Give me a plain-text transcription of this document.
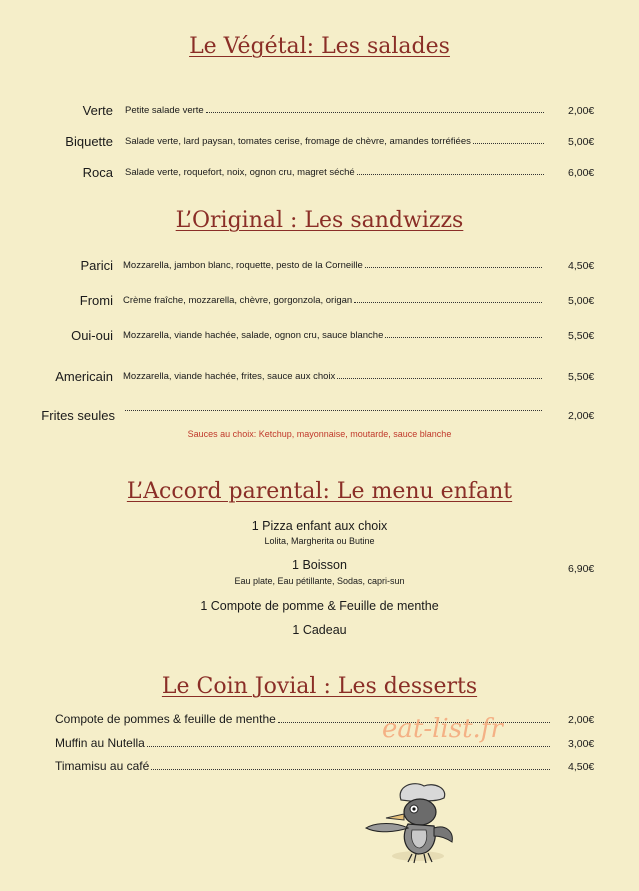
Le Végétal: Les salades
Verte Petite salade verte	2,00€
Biquette Salade verte, lard paysan, tomates cerise, fromage de chèvre, amandes torréfiées	5,00€
Roca Salade verte, roquefort, noix, ognon cru, magret séché	6,00€
L’Original : Les sandwizzs
Parici Mozzarella, jambon blanc, roquette, pesto de la Corneille	4,50€
Fromi Crème fraîche, mozzarella, chèvre, gorgonzola, origan	5,00€
Oui-oui Mozzarella, viande hachée, salade, ognon cru, sauce blanche	5,50€
Americain Mozzarella, viande hachée, frites, sauce aux choix	5,50€
Frites seules	2,00€
Sauces au choix: Ketchup, mayonnaise, moutarde, sauce blanche
L’Accord parental: Le menu enfant
1 Pizza enfant aux choix
Lolita, Margherita ou Butine
1 Boisson
Eau plate, Eau pétillante, Sodas, capri-sun
6,90€
1 Compote de pomme & Feuille de menthe
1 Cadeau
Le Coin Jovial : Les desserts
Compote de pommes & feuille de menthe	2,00€
Muffin au Nutella	3,00€
Timamisu au café	4,50€
eat-list.fr
